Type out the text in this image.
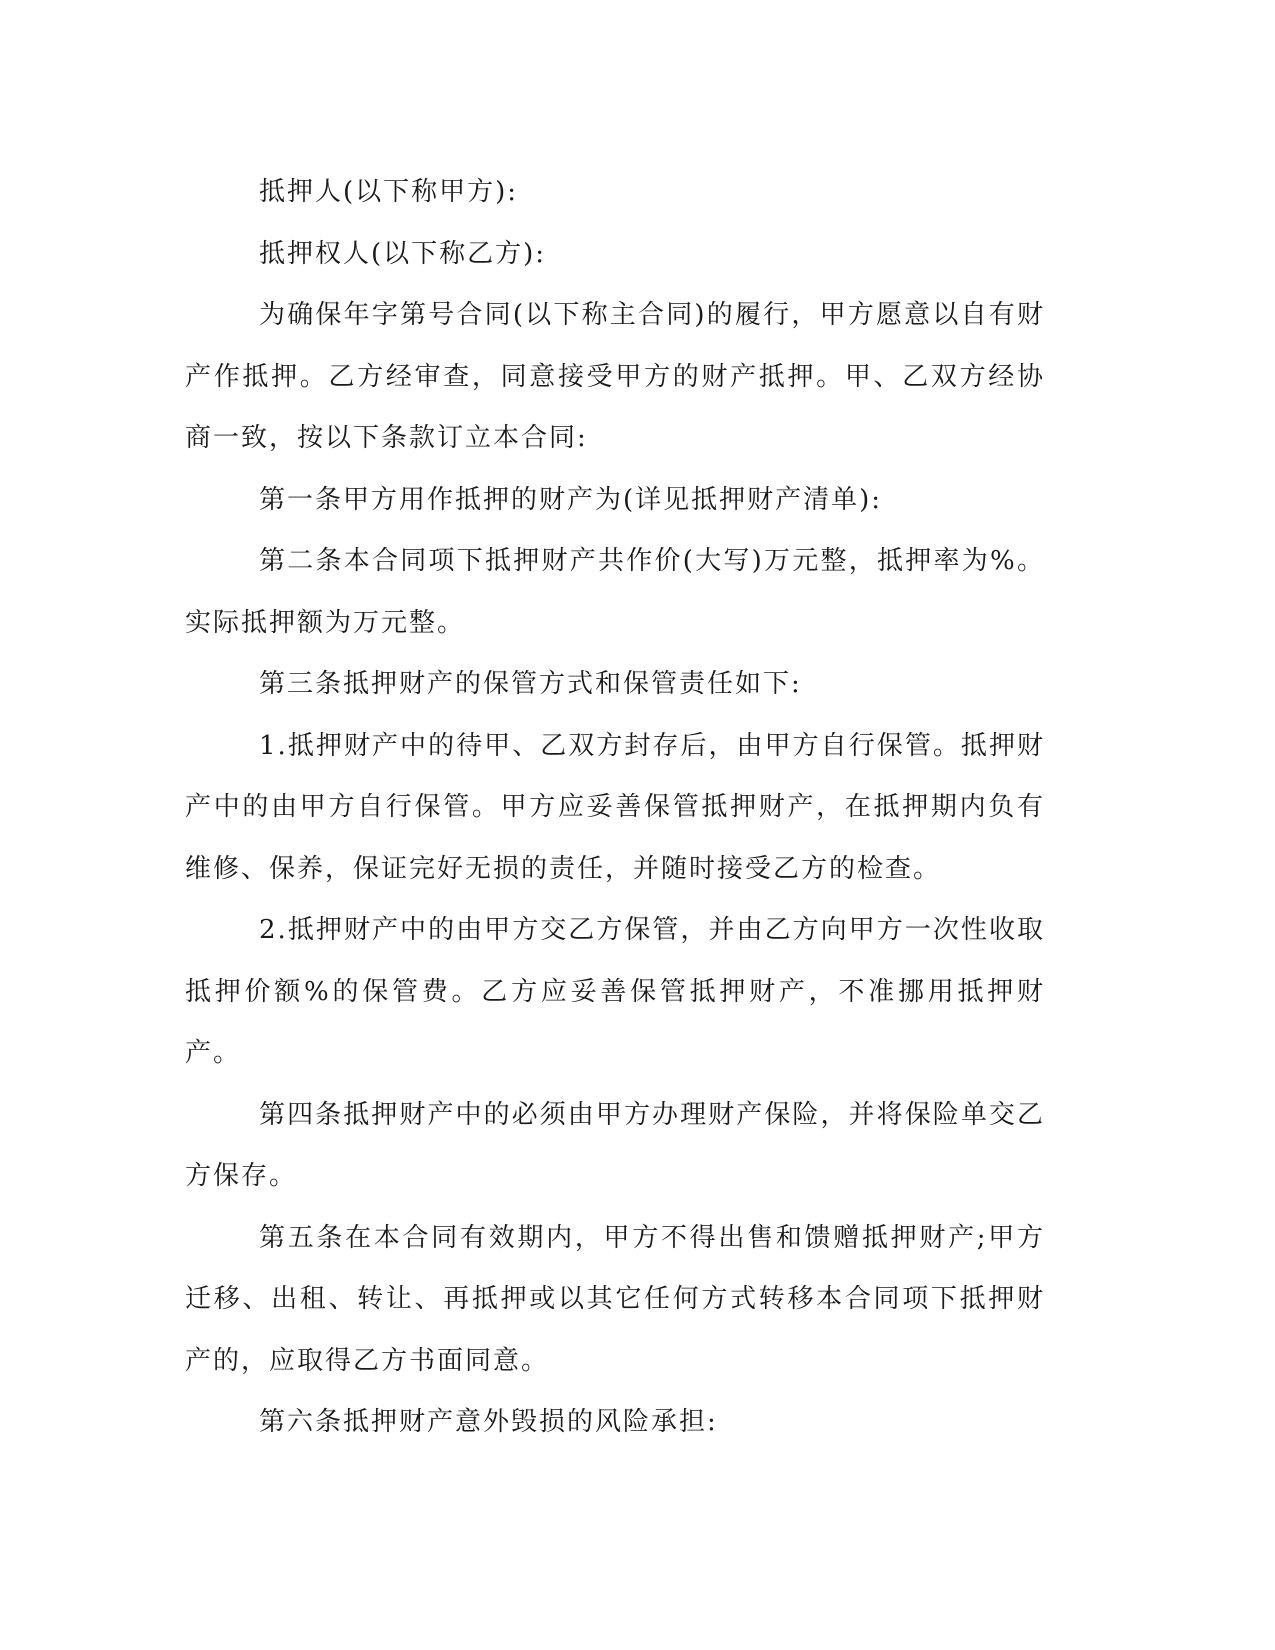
抵押人(以下称甲方):

抵押权人(以下称乙方):

为确保年字第号合同(以下称主合同)的履行，甲方愿意以自有财产作抵押。乙方经审查，同意接受甲方的财产抵押。甲、乙双方经协商一致，按以下条款订立本合同:

第一条甲方用作抵押的财产为(详见抵押财产清单):

第二条本合同项下抵押财产共作价(大写)万元整，抵押率为%。实际抵押额为万元整。

第三条抵押财产的保管方式和保管责任如下:

1.抵押财产中的待甲、乙双方封存后，由甲方自行保管。抵押财产中的由甲方自行保管。甲方应妥善保管抵押财产，在抵押期内负有维修、保养，保证完好无损的责任，并随时接受乙方的检查。

2.抵押财产中的由甲方交乙方保管，并由乙方向甲方一次性收取抵押价额%的保管费。乙方应妥善保管抵押财产，不准挪用抵押财产。

第四条抵押财产中的必须由甲方办理财产保险，并将保险单交乙方保存。

第五条在本合同有效期内，甲方不得出售和馈赠抵押财产;甲方迁移、出租、转让、再抵押或以其它任何方式转移本合同项下抵押财产的，应取得乙方书面同意。

第六条抵押财产意外毁损的风险承担:
